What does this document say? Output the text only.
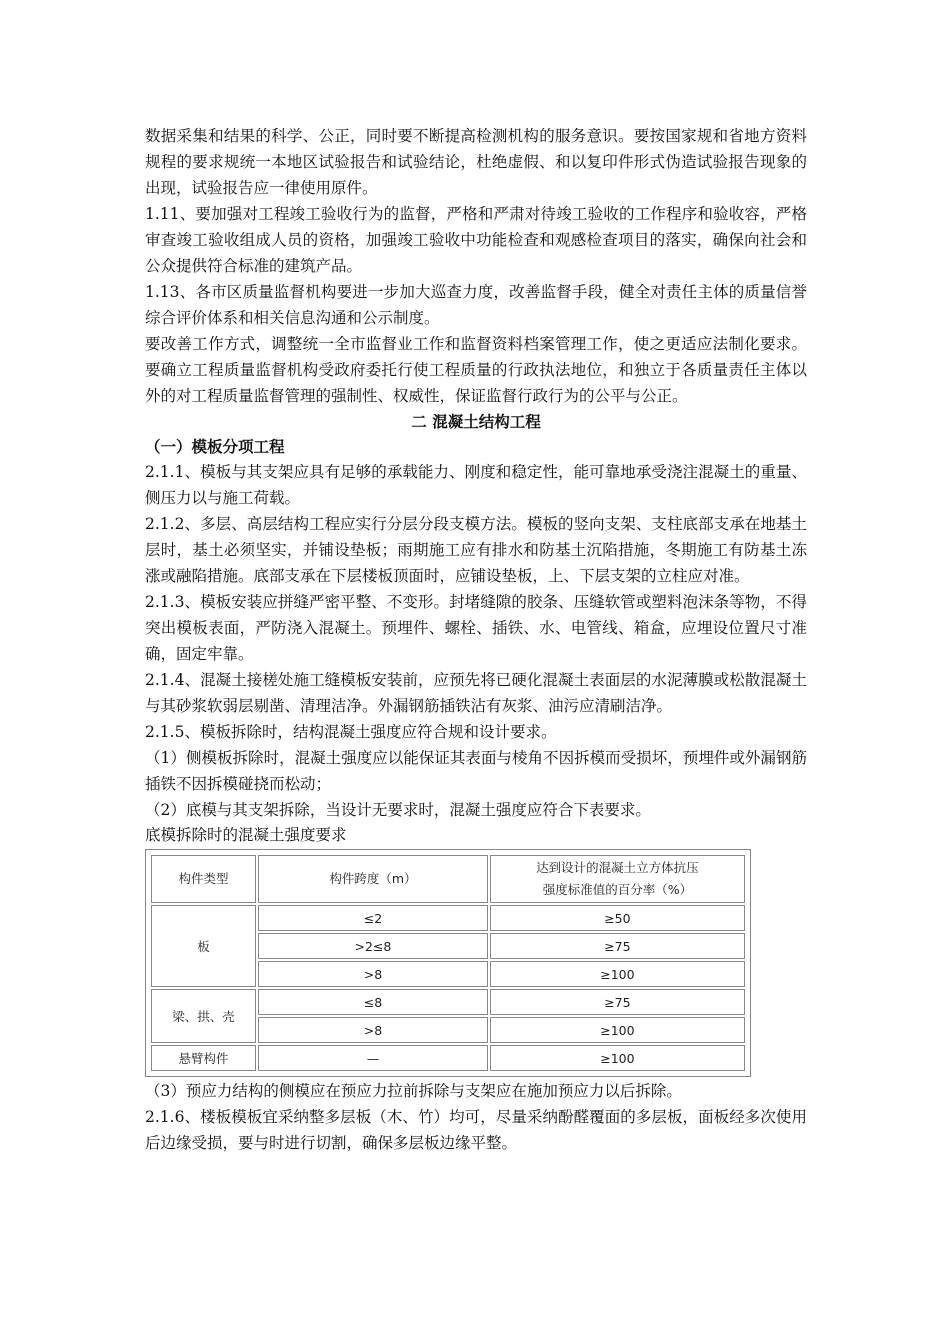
数据采集和结果的科学、公正，同时要不断提高检测机构的服务意识。要按国家规和省地方资料规程的要求规统一本地区试验报告和试验结论，杜绝虚假、和以复印件形式伪造试验报告现象的出现，试验报告应一律使用原件。

1.11、要加强对工程竣工验收行为的监督，严格和严肃对待竣工验收的工作程序和验收容，严格审查竣工验收组成人员的资格，加强竣工验收中功能检查和观感检查项目的落实，确保向社会和公众提供符合标准的建筑产品。

1.13、各市区质量监督机构要进一步加大巡查力度，改善监督手段，健全对责任主体的质量信誉综合评价体系和相关信息沟通和公示制度。

要改善工作方式，调整统一全市监督业工作和监督资料档案管理工作，使之更适应法制化要求。要确立工程质量监督机构受政府委托行使工程质量的行政执法地位，和独立于各质量责任主体以外的对工程质量监督管理的强制性、权威性，保证监督行政行为的公平与公正。

二 混凝土结构工程
（一）模板分项工程

2.1.1、模板与其支架应具有足够的承载能力、刚度和稳定性，能可靠地承受浇注混凝土的重量、侧压力以与施工荷载。

2.1.2、多层、高层结构工程应实行分层分段支模方法。模板的竖向支架、支柱底部支承在地基土层时，基土必须坚实，并铺设垫板；雨期施工应有排水和防基土沉陷措施，冬期施工有防基土冻涨或融陷措施。底部支承在下层楼板顶面时，应铺设垫板，上、下层支架的立柱应对准。

2.1.3、模板安装应拼缝严密平整、不变形。封堵缝隙的胶条、压缝软管或塑料泡沫条等物，不得突出模板表面，严防浇入混凝土。预埋件、螺栓、插铁、水、电管线、箱盒，应埋设位置尺寸准确，固定牢靠。

2.1.4、混凝土接槎处施工缝模板安装前，应预先将已硬化混凝土表面层的水泥薄膜或松散混凝土与其砂浆软弱层剔凿、清理洁净。外漏钢筋插铁沾有灰浆、油污应清刷洁净。

2.1.5、模板拆除时，结构混凝土强度应符合规和设计要求。

（1）侧模板拆除时，混凝土强度应以能保证其表面与棱角不因拆模而受损坏，预埋件或外漏钢筋插铁不因拆模碰挠而松动；

（2）底模与其支架拆除，当设计无要求时，混凝土强度应符合下表要求。

底模拆除时的混凝土强度要求
构件类型	构件跨度（m）	达到设计的混凝土立方体抗压
强度标准值的百分率（%）

板	≤2	≥50
	>2≤8	≥75
	>8	≥100
梁、拱、壳	≤8	≥75
	>8	≥100
悬臂构件	—	≥100

（3）预应力结构的侧模应在预应力拉前拆除与支架应在施加预应力以后拆除。

2.1.6、楼板模板宜采纳整多层板（木、竹）均可，尽量采纳酚醛覆面的多层板，面板经多次使用后边缘受损，要与时进行切割，确保多层板边缘平整。
